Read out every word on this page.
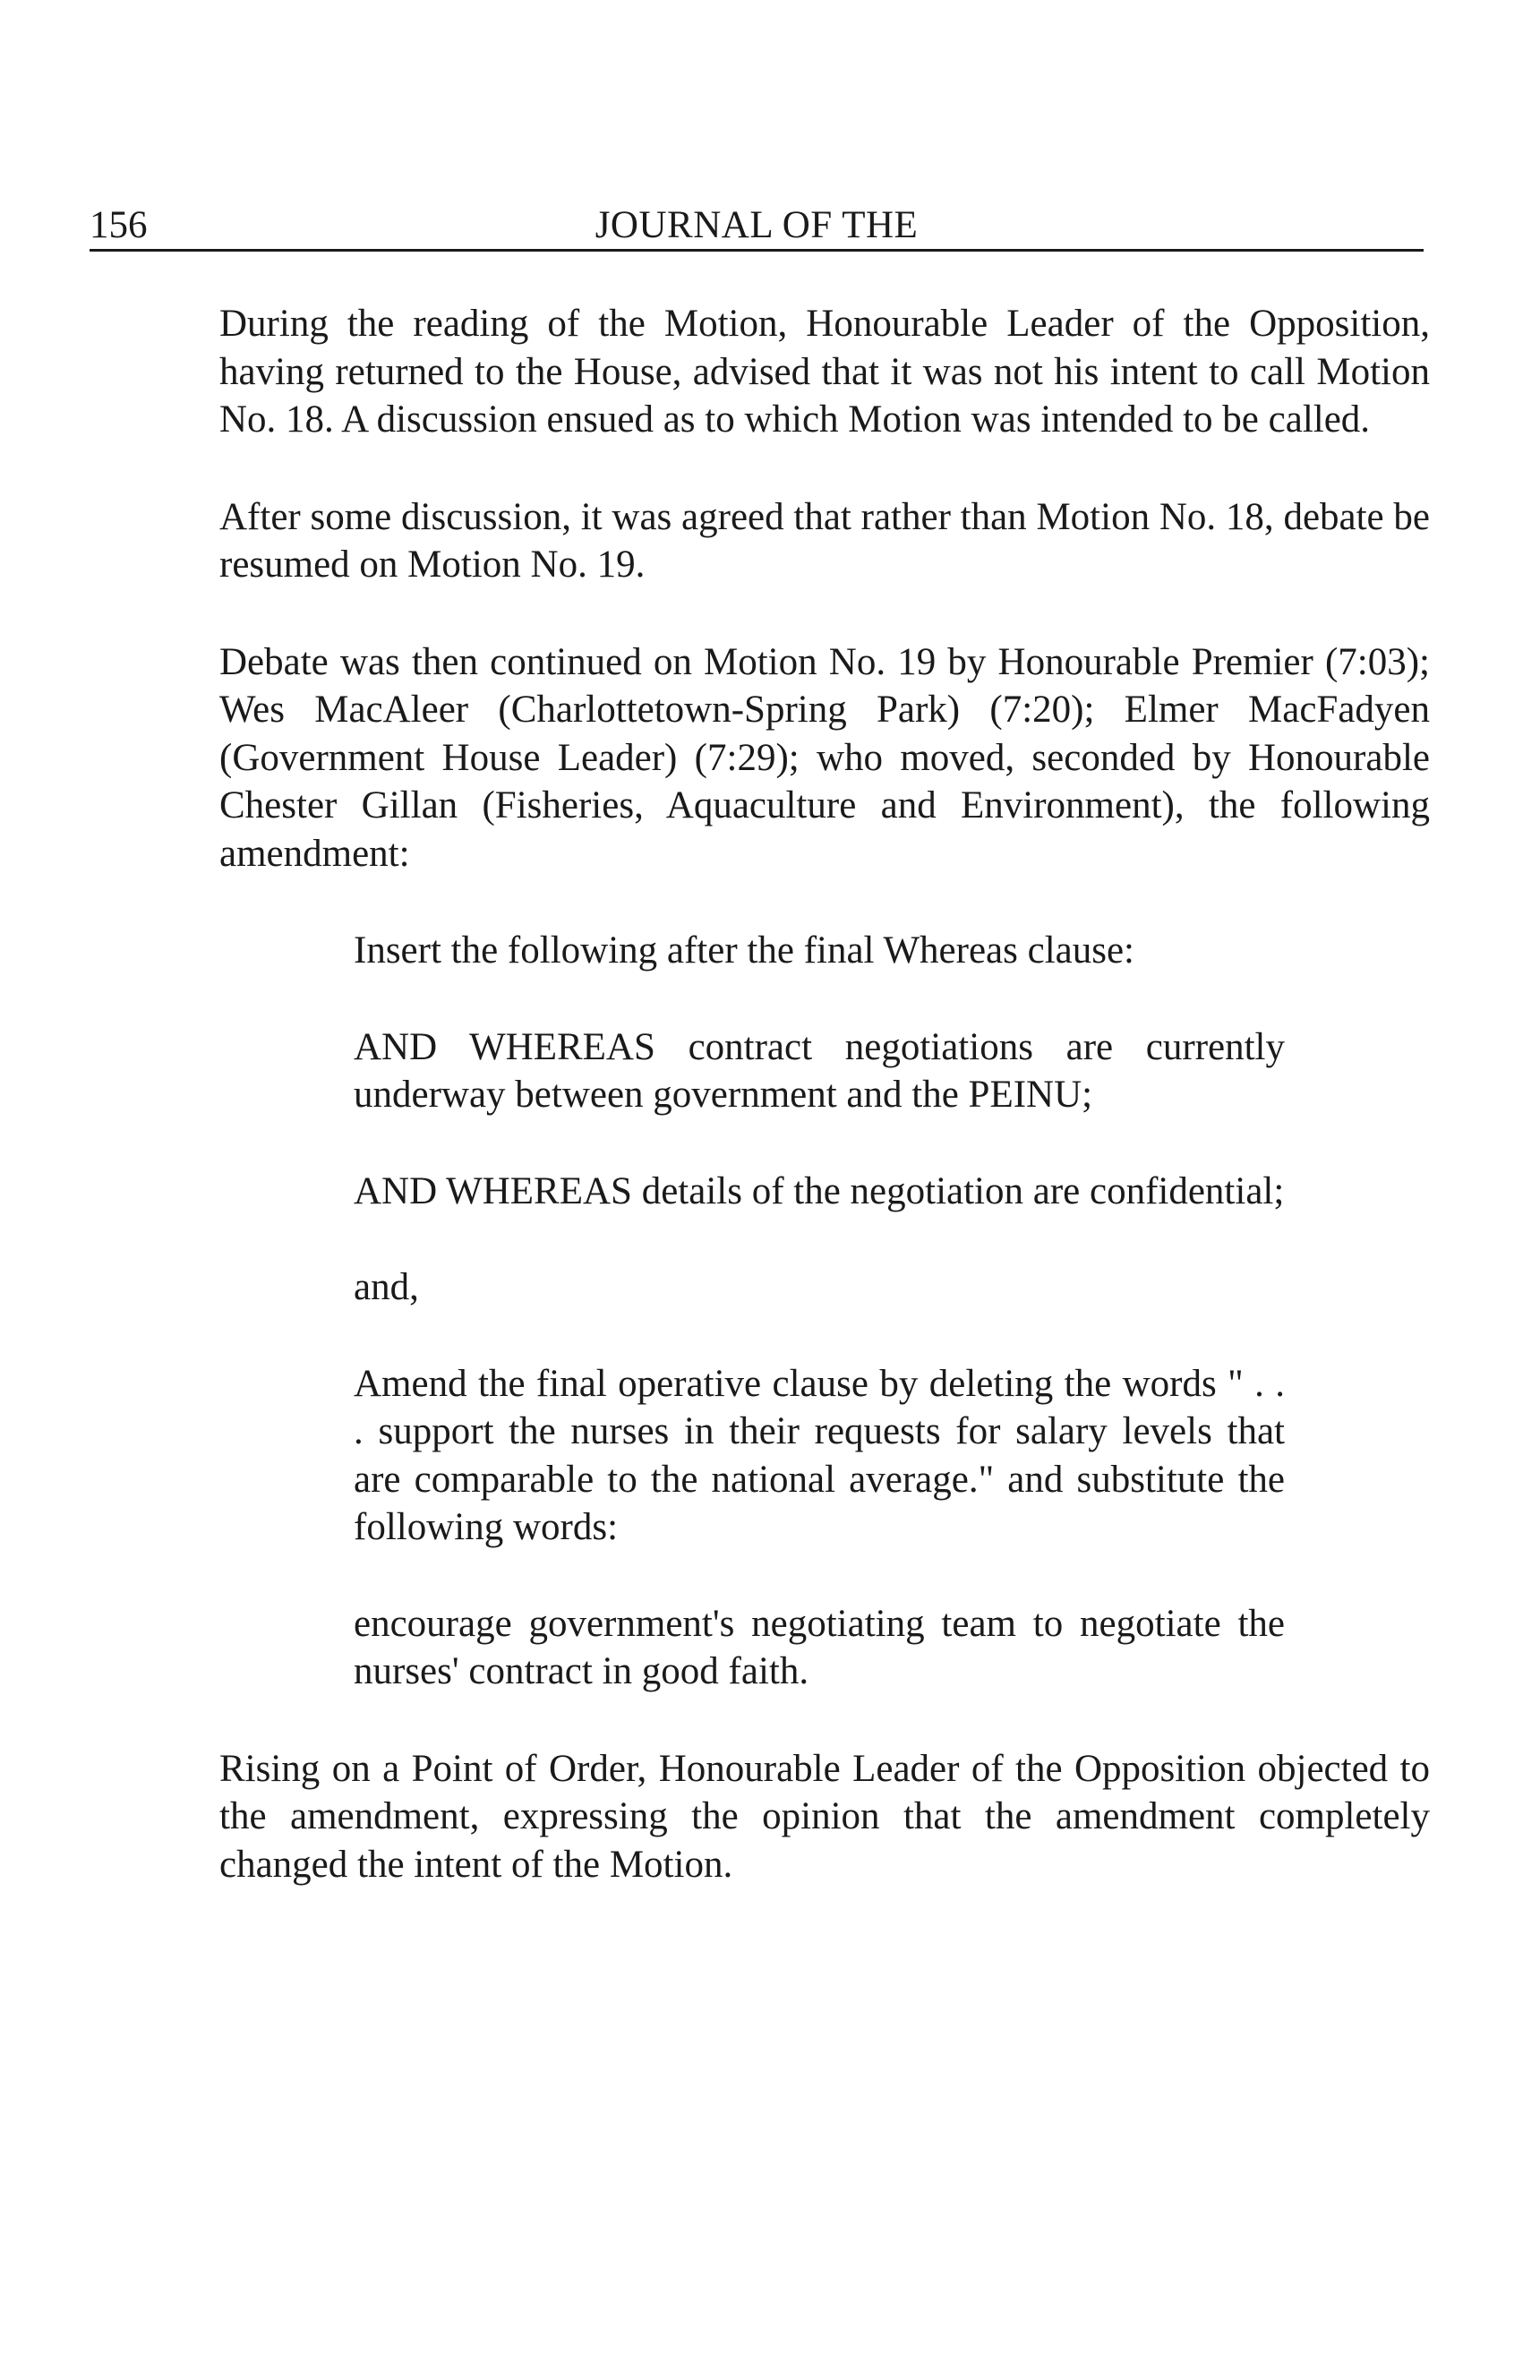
156	JOURNAL OF THE

During the reading of the Motion, Honourable Leader of the Opposition, having returned to the House, advised that it was not his intent to call Motion No. 18. A discussion ensued as to which Motion was intended to be called.

After some discussion, it was agreed that rather than Motion No. 18, debate be resumed on Motion No. 19.

Debate was then continued on Motion No. 19 by Honourable Premier (7:03); Wes MacAleer (Charlottetown-Spring Park) (7:20); Elmer MacFadyen (Government House Leader) (7:29); who moved, seconded by Honourable Chester Gillan (Fisheries, Aquaculture and Environment), the following amendment:

Insert the following after the final Whereas clause:

AND WHEREAS contract negotiations are currently underway between government and the PEINU;

AND WHEREAS details of the negotiation are confidential;

and,

Amend the final operative clause by deleting the words " . . . support the nurses in their requests for salary levels that are comparable to the national average." and substitute the following words:

encourage government's negotiating team to negotiate the nurses' contract in good faith.

Rising on a Point of Order, Honourable Leader of the Opposition objected to the amendment, expressing the opinion that the amendment completely changed the intent of the Motion.
